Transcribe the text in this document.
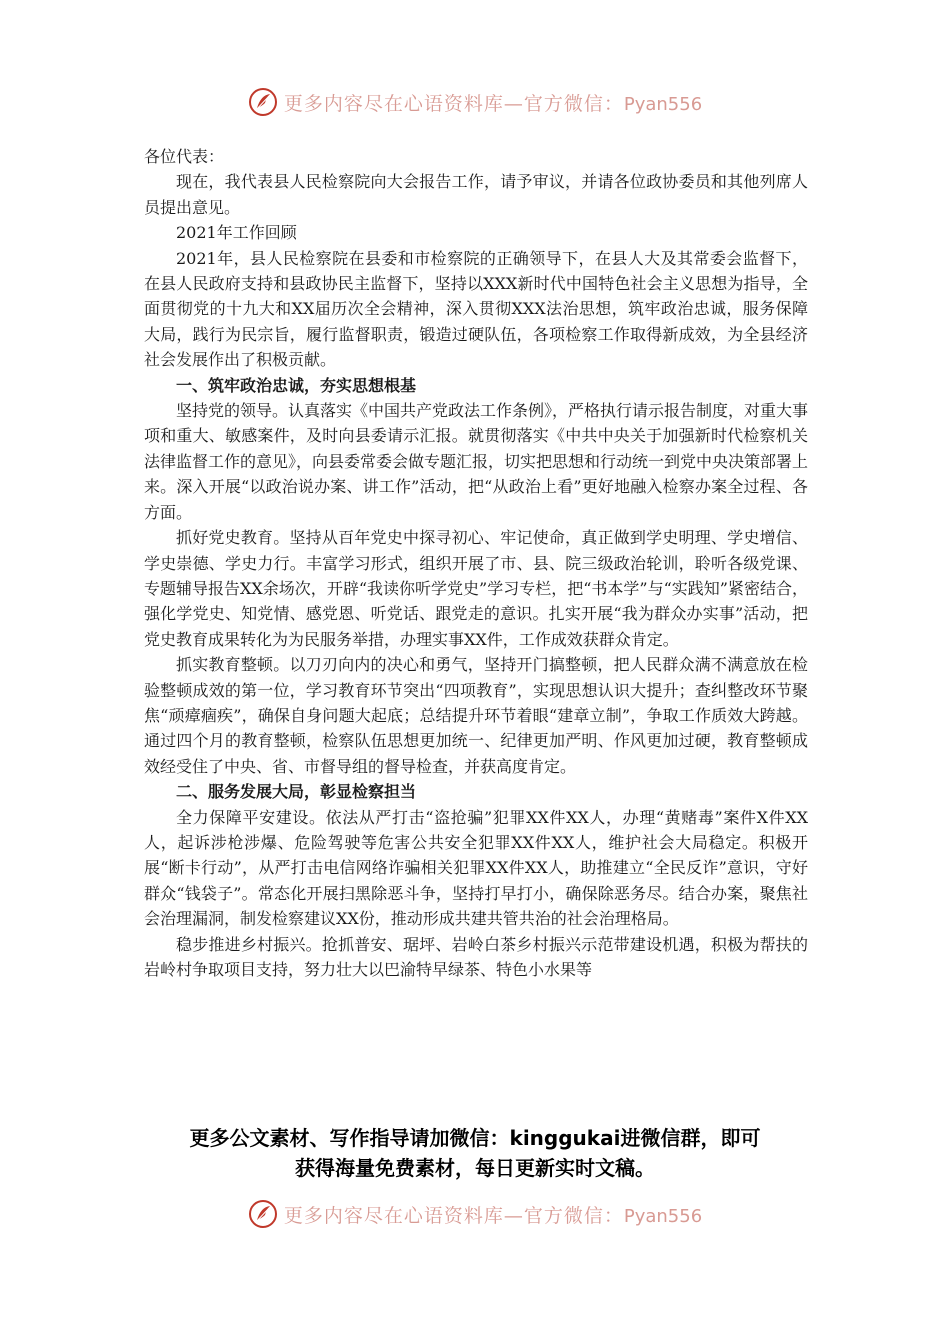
更多内容尽在心语资料库—官方微信：Pyan556

各位代表：

现在，我代表县人民检察院向大会报告工作，请予审议，并请各位政协委员和其他列席人员提出意见。

2021年工作回顾

2021年，县人民检察院在县委和市检察院的正确领导下，在县人大及其常委会监督下，在县人民政府支持和县政协民主监督下，坚持以XXX新时代中国特色社会主义思想为指导，全面贯彻党的十九大和XX届历次全会精神，深入贯彻XXX法治思想，筑牢政治忠诚，服务保障大局，践行为民宗旨，履行监督职责，锻造过硬队伍，各项检察工作取得新成效，为全县经济社会发展作出了积极贡献。

一、筑牢政治忠诚，夯实思想根基

坚持党的领导。认真落实《中国共产党政法工作条例》，严格执行请示报告制度，对重大事项和重大、敏感案件，及时向县委请示汇报。就贯彻落实《中共中央关于加强新时代检察机关法律监督工作的意见》，向县委常委会做专题汇报，切实把思想和行动统一到党中央决策部署上来。深入开展“以政治说办案、讲工作”活动，把“从政治上看”更好地融入检察办案全过程、各方面。

抓好党史教育。坚持从百年党史中探寻初心、牢记使命，真正做到学史明理、学史增信、学史崇德、学史力行。丰富学习形式，组织开展了市、县、院三级政治轮训，聆听各级党课、专题辅导报告XX余场次，开辟“我读你听学党史”学习专栏，把“书本学”与“实践知”紧密结合，强化学党史、知党情、感党恩、听党话、跟党走的意识。扎实开展“我为群众办实事”活动，把党史教育成果转化为为民服务举措，办理实事XX件，工作成效获群众肯定。

抓实教育整顿。以刀刃向内的决心和勇气，坚持开门搞整顿，把人民群众满不满意放在检验整顿成效的第一位，学习教育环节突出“四项教育”，实现思想认识大提升；查纠整改环节聚焦“顽瘴痼疾”，确保自身问题大起底；总结提升环节着眼“建章立制”，争取工作质效大跨越。通过四个月的教育整顿，检察队伍思想更加统一、纪律更加严明、作风更加过硬，教育整顿成效经受住了中央、省、市督导组的督导检查，并获高度肯定。

二、服务发展大局，彰显检察担当

全力保障平安建设。依法从严打击“盗抢骗”犯罪XX件XX人，办理“黄赌毒”案件X件XX人，起诉涉枪涉爆、危险驾驶等危害公共安全犯罪XX件XX人，维护社会大局稳定。积极开展“断卡行动”，从严打击电信网络诈骗相关犯罪XX件XX人，助推建立“全民反诈”意识，守好群众“钱袋子”。常态化开展扫黑除恶斗争，坚持打早打小，确保除恶务尽。结合办案，聚焦社会治理漏洞，制发检察建议XX份，推动形成共建共管共治的社会治理格局。

稳步推进乡村振兴。抢抓普安、琚坪、岩岭白茶乡村振兴示范带建设机遇，积极为帮扶的岩岭村争取项目支持，努力壮大以巴渝特早绿茶、特色小水果等

更多公文素材、写作指导请加微信：kinggukai进微信群，即可
获得海量免费素材，每日更新实时文稿。
更多内容尽在心语资料库—官方微信：Pyan556
